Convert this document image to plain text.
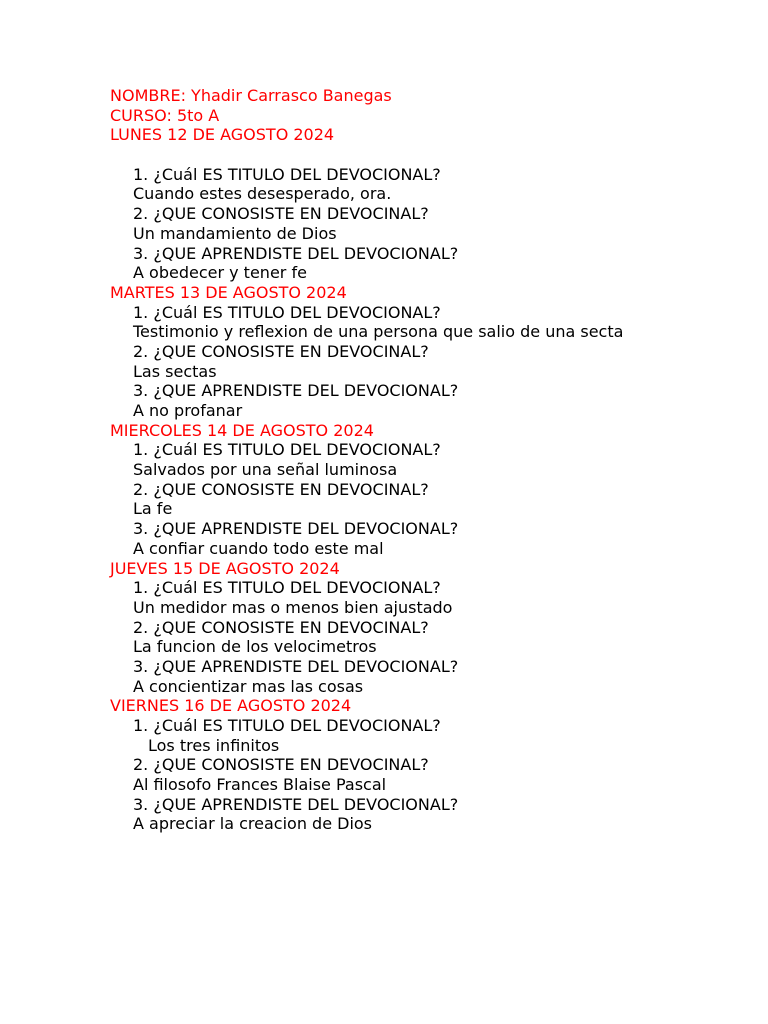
NOMBRE: Yhadir Carrasco Banegas
CURSO: 5to A
LUNES 12 DE AGOSTO 2024
1. ¿Cuál ES TITULO DEL DEVOCIONAL?
Cuando estes desesperado, ora.
2. ¿QUE CONOSISTE EN DEVOCINAL?
Un mandamiento de Dios
3. ¿QUE APRENDISTE DEL DEVOCIONAL?
A obedecer y tener fe
MARTES 13 DE AGOSTO 2024
1. ¿Cuál ES TITULO DEL DEVOCIONAL?
Testimonio y reflexion de una persona que salio de una secta
2. ¿QUE CONOSISTE EN DEVOCINAL?
Las sectas
3. ¿QUE APRENDISTE DEL DEVOCIONAL?
A no profanar
MIERCOLES 14 DE AGOSTO 2024
1. ¿Cuál ES TITULO DEL DEVOCIONAL?
Salvados por una señal luminosa
2. ¿QUE CONOSISTE EN DEVOCINAL?
La fe
3. ¿QUE APRENDISTE DEL DEVOCIONAL?
A confiar cuando todo este mal
JUEVES 15 DE AGOSTO 2024
1. ¿Cuál ES TITULO DEL DEVOCIONAL?
Un medidor mas o menos bien ajustado
2. ¿QUE CONOSISTE EN DEVOCINAL?
La funcion de los velocimetros
3. ¿QUE APRENDISTE DEL DEVOCIONAL?
A concientizar mas las cosas
VIERNES 16 DE AGOSTO 2024
1. ¿Cuál ES TITULO DEL DEVOCIONAL?
Los tres infinitos
2. ¿QUE CONOSISTE EN DEVOCINAL?
Al filosofo Frances Blaise Pascal
3. ¿QUE APRENDISTE DEL DEVOCIONAL?
A apreciar la creacion de Dios
